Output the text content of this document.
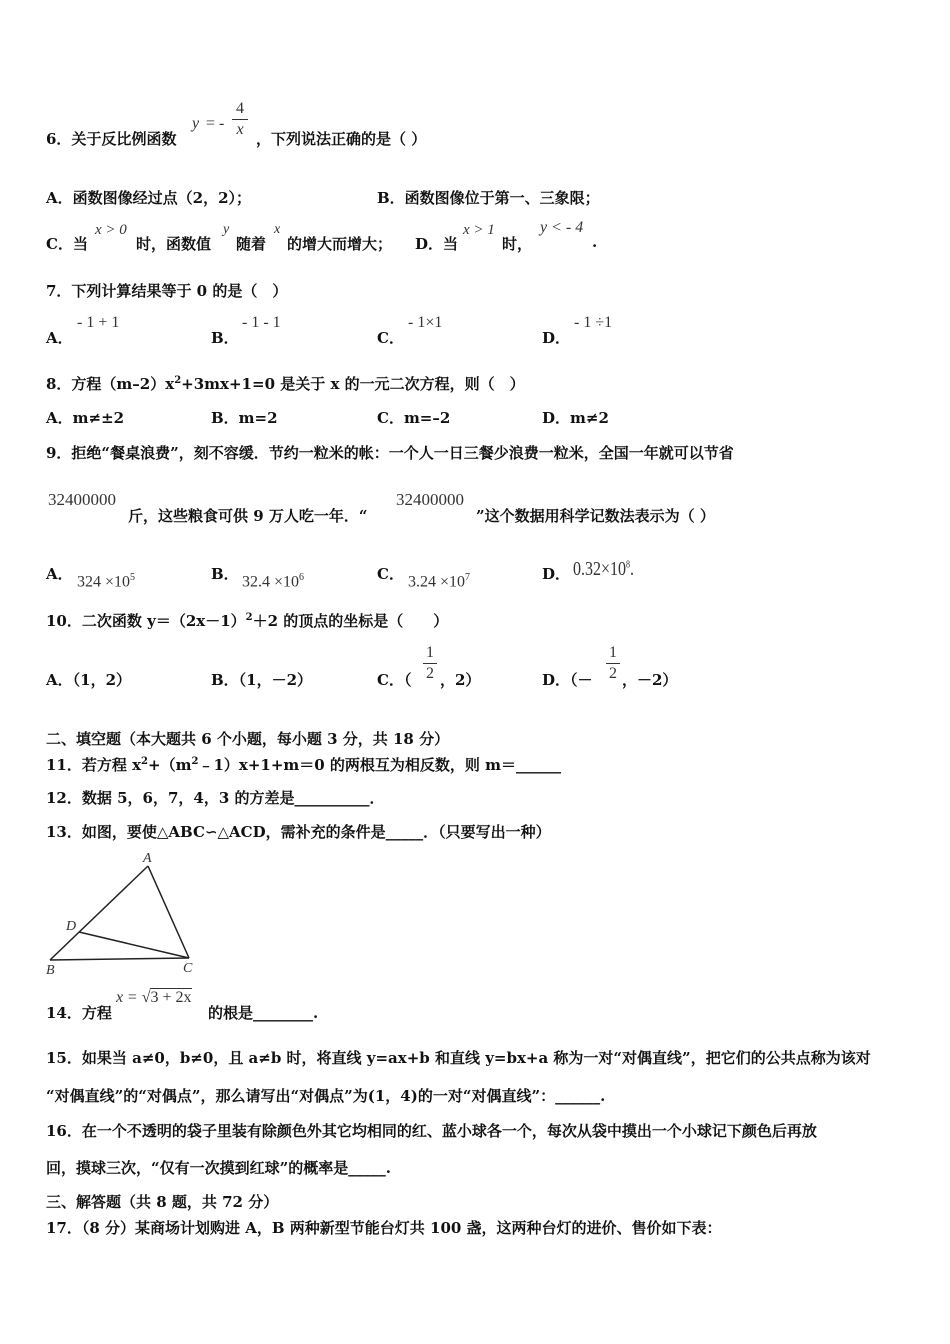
6．关于反比例函数
y = -
4
x
，下列说法正确的是（ ）
A．函数图像经过点（2，2）；	B．函数图像位于第一、三象限；
C．当
x > 0
时，函数值
y
随着
x
的增大而增大； D．当
x > 1
时，
y < - 4
.
7．下列计算结果等于 0 的是（　）
A．
- 1 + 1
B．
- 1 - 1
C．
- 1×1
D．
- 1 ÷1
8．方程$(m-2)x^2+3mx+1=0$ 是关于 x 的一元二次方程，则（　）
A．m≠±2	B．m=2	C．m=–2	D．m≠2
9．拒绝“餐桌浪费”，刻不容缓．节约一粒米的帐：一个人一日三餐少浪费一粒米，全国一年就可以节省
32400000
斤，这些粮食可供 9 万人吃一年．“
32400000
”这个数据用科学记数法表示为（ ）
A． $324 \times 10^5$	B． $32.4 \times 10^6$	C． $3.24 \times 10^7$	D． $0.32\times 10^8$.
10．二次函数 $y=(2x-1)^2+2$ 的顶点的坐标是（　　）
A．（1，2）	B．（1，－2）	C．（
1
2 ，2）	D．（－
1
2 ，－2）
二、填空题（本大题共 6 个小题，每小题 3 分，共 18 分）
11．若方程 $x^2+(m^2﹣1)x+1+m=0$ 的两根互为相反数，则 m＝______
12．数据 5，6，7，4，3 的方差是__________．
13．如图，要使△ABC∽△ACD，需补充的条件是_____．（只要写出一种）
A
B	C
D
14．方程
x = √3 + 2x
的根是________.
15．如果当 a≠0，b≠0，且 a≠b 时，将直线 y=ax+b 和直线 y=bx+a 称为一对“对偶直线”，把它们的公共点称为该对
“对偶直线”的“对偶点”，那么请写出“对偶点”为(1，4)的一对“对偶直线”：______.
16．在一个不透明的袋子里装有除颜色外其它均相同的红、蓝小球各一个，每次从袋中摸出一个小球记下颜色后再放
回，摸球三次，“仅有一次摸到红球”的概率是_____.
三、解答题（共 8 题，共 72 分）
17．（8 分）某商场计划购进 A，B 两种新型节能台灯共 100 盏，这两种台灯的进价、售价如下表：
